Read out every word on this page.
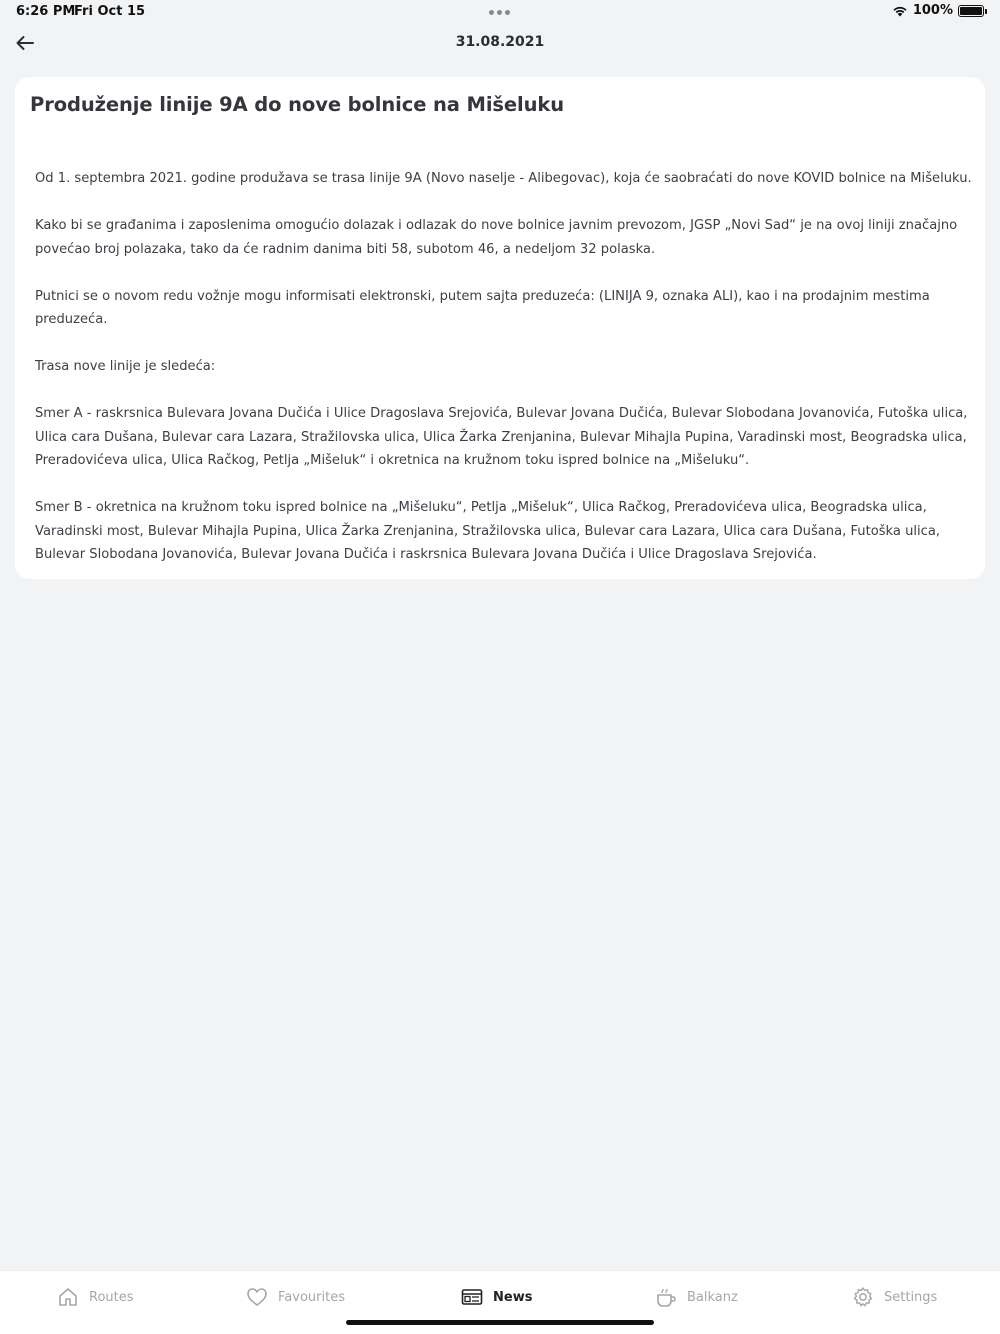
6:26 PM
Fri Oct 15	100%
31.08.2021
Produženje linije 9A do nove bolnice na Mišeluku

Od 1. septembra 2021. godine produžava se trasa linije 9A (Novo naselje - Alibegovac), koja će saobraćati do nove KOVID bolnice na Mišeluku.

Kako bi se građanima i zaposlenima omogućio dolazak i odlazak do nove bolnice javnim prevozom, JGSP „Novi Sad“ je na ovoj liniji značajno povećao broj polazaka, tako da će radnim danima biti 58, subotom 46, a nedeljom 32 polaska.

Putnici se o novom redu vožnje mogu informisati elektronski, putem sajta preduzeća: (LINIJA 9, oznaka ALI), kao i na prodajnim mestima preduzeća.

Trasa nove linije je sledeća:

Smer A - raskrsnica Bulevara Jovana Dučića i Ulice Dragoslava Srejovića, Bulevar Jovana Dučića, Bulevar Slobodana Jovanovića, Futoška ulica, Ulica cara Dušana, Bulevar cara Lazara, Stražilovska ulica, Ulica Žarka Zrenjanina, Bulevar Mihajla Pupina, Varadinski most, Beogradska ulica, Preradovićeva ulica, Ulica Račkog, Petlja „Mišeluk“ i okretnica na kružnom toku ispred bolnice na „Mišeluku“.

Smer B - okretnica na kružnom toku ispred bolnice na „Mišeluku“, Petlja „Mišeluk“, Ulica Račkog, Preradovićeva ulica, Beogradska ulica, Varadinski most, Bulevar Mihajla Pupina, Ulica Žarka Zrenjanina, Stražilovska ulica, Bulevar cara Lazara, Ulica cara Dušana, Futoška ulica, Bulevar Slobodana Jovanovića, Bulevar Jovana Dučića i raskrsnica Bulevara Jovana Dučića i Ulice Dragoslava Srejovića.

Routes	Favourites	News	Balkanz	Settings
